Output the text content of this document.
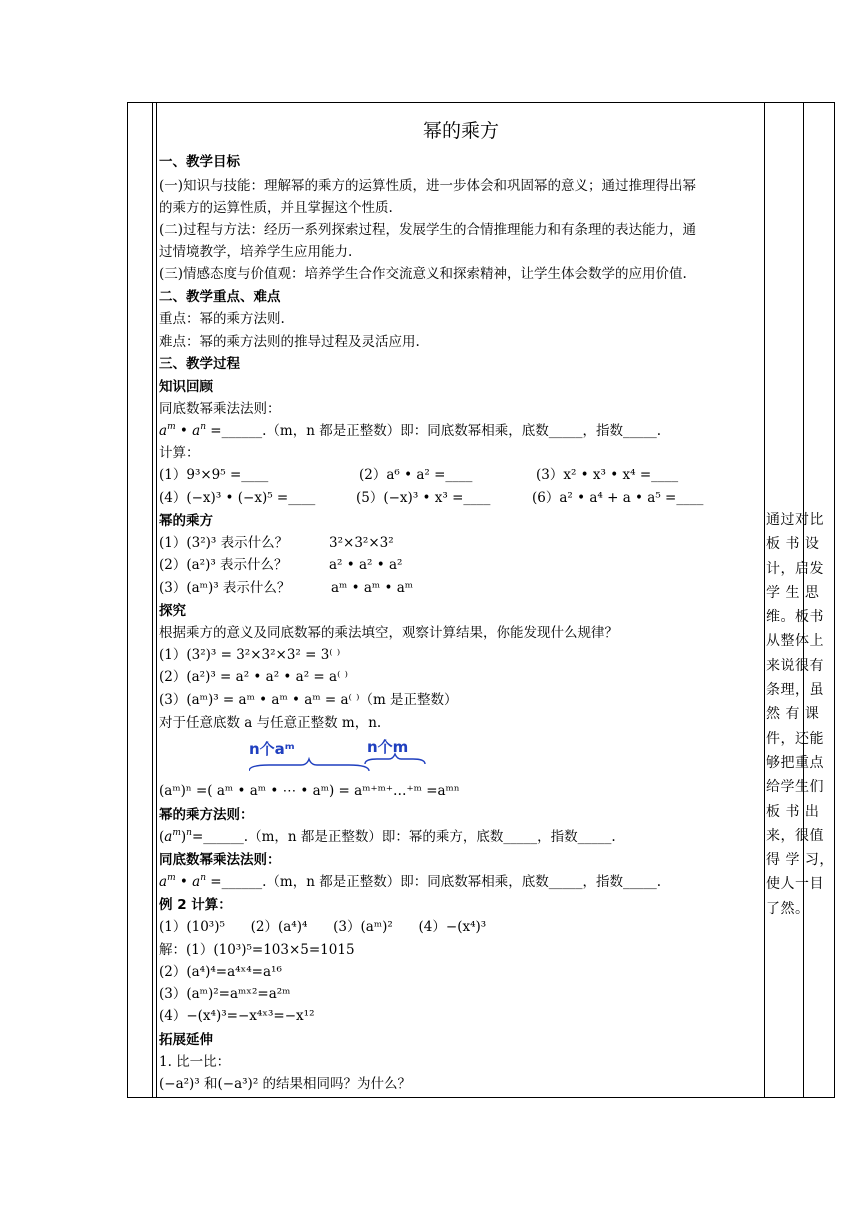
幂的乘方
一、教学目标
(一)知识与技能：理解幂的乘方的运算性质，进一步体会和巩固幂的意义；通过推理得出幂
的乘方的运算性质，并且掌握这个性质.
(二)过程与方法：经历一系列探索过程，发展学生的合情推理能力和有条理的表达能力，通
过情境教学，培养学生应用能力.
(三)情感态度与价值观：培养学生合作交流意义和探索精神，让学生体会数学的应用价值.
二、教学重点、难点
重点：幂的乘方法则.
难点：幂的乘方法则的推导过程及灵活应用.
三、教学过程
知识回顾
同底数幂乘法法则：
$a^m$ • $a^n$ =______.（m，n 都是正整数）即：同底数幂相乘，底数_____，指数_____.
计算：
(1）9³×9⁵ =____	(2）a⁶ • a² =____	(3）x² • x³ • x⁴ =____
(4）(−x)³ • (−x)⁵ =____	(5）(−x)³ • x³ =____	(6）a² • a⁴ + a • a⁵ =____
幂的乘方
(1）(3²)³ 表示什么？	3²×3²×3²
(2）(a²)³ 表示什么？	a² • a² • a²
(3）(aᵐ)³ 表示什么？	aᵐ • aᵐ • aᵐ
探究
根据乘方的意义及同底数幂的乘法填空，观察计算结果，你能发现什么规律？
(1）(3²)³ = 3²×3²×3² = 3⁽ ⁾
(2）(a²)³ = a² • a² • a² = a⁽ ⁾
(3）(aᵐ)³ = aᵐ • aᵐ • aᵐ = a⁽ ⁾（m 是正整数）
对于任意底数 a 与任意正整数 m，n.
n个aᵐ	n个m
(aᵐ)ⁿ =( aᵐ • aᵐ • ⋯ • aᵐ) = aᵐ⁺ᵐ⁺…⁺ᵐ =aᵐⁿ
幂的乘方法则：
$(a^m)^n=\_\_\_\_\_\_.(m$，n 都是正整数）即：幂的乘方，底数_____，指数_____.
同底数幂乘法法则：
$a^m$ • $a^n$ =______.（m，n 都是正整数）即：同底数幂相乘，底数_____，指数_____.
例 2 计算：
(1）(10³)⁵      (2）(a⁴)⁴      (3）(aᵐ)²      (4）−(x⁴)³
解：(1）(10³)⁵=103×5=1015
(2）(a⁴)⁴=a⁴ˣ⁴=a¹⁶
(3）(aᵐ)²=aᵐˣ²=a²ᵐ
(4）−(x⁴)³=−x⁴ˣ³=−x¹²
拓展延伸
1. 比一比：
(−a²)³ 和(−a³)² 的结果相同吗？为什么？
通过对比
板 书 设
计，启发
学 生 思
维。板书
从整体上
来说很有
条理，虽
然 有 课
件，还能
够把重点
给学生们
板 书 出
来，很值
得 学 习，
使人一目
了然。
